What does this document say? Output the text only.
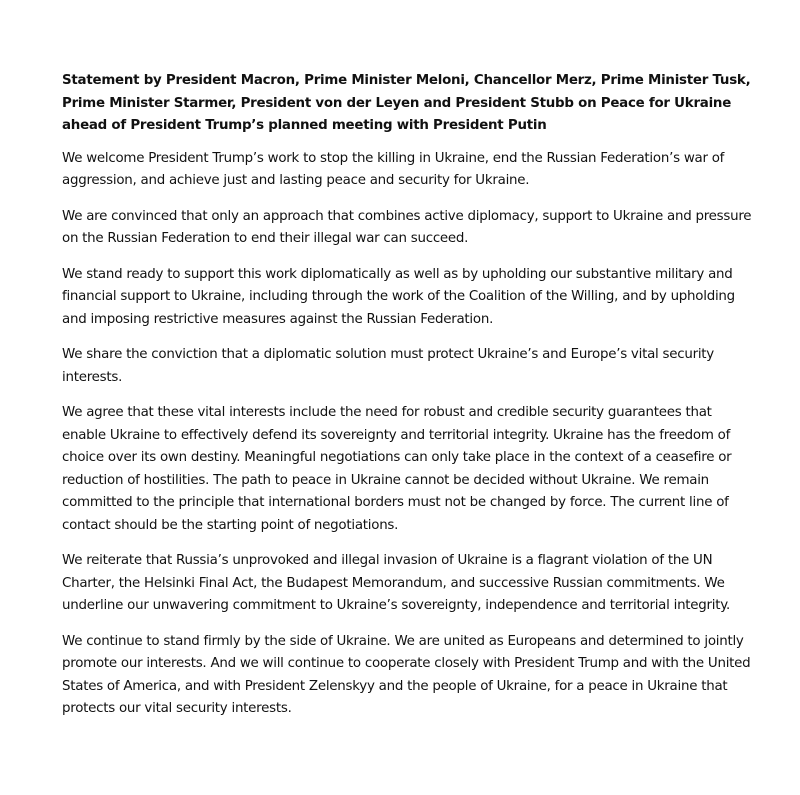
Statement by President Macron, Prime Minister Meloni, Chancellor Merz, Prime Minister Tusk, Prime Minister Starmer, President von der Leyen and President Stubb on Peace for Ukraine ahead of President Trump’s planned meeting with President Putin

We welcome President Trump’s work to stop the killing in Ukraine, end the Russian Federation’s war of aggression, and achieve just and lasting peace and security for Ukraine.

We are convinced that only an approach that combines active diplomacy, support to Ukraine and pressure on the Russian Federation to end their illegal war can succeed.

We stand ready to support this work diplomatically as well as by upholding our substantive military and financial support to Ukraine, including through the work of the Coalition of the Willing, and by upholding and imposing restrictive measures against the Russian Federation.

We share the conviction that a diplomatic solution must protect Ukraine’s and Europe’s vital security interests.

We agree that these vital interests include the need for robust and credible security guarantees that enable Ukraine to effectively defend its sovereignty and territorial integrity. Ukraine has the freedom of choice over its own destiny. Meaningful negotiations can only take place in the context of a ceasefire or reduction of hostilities. The path to peace in Ukraine cannot be decided without Ukraine. We remain committed to the principle that international borders must not be changed by force. The current line of contact should be the starting point of negotiations.

We reiterate that Russia’s unprovoked and illegal invasion of Ukraine is a flagrant violation of the UN Charter, the Helsinki Final Act, the Budapest Memorandum, and successive Russian commitments. We underline our unwavering commitment to Ukraine’s sovereignty, independence and territorial integrity.

We continue to stand firmly by the side of Ukraine. We are united as Europeans and determined to jointly promote our interests. And we will continue to cooperate closely with President Trump and with the United States of America, and with President Zelenskyy and the people of Ukraine, for a peace in Ukraine that protects our vital security interests.
